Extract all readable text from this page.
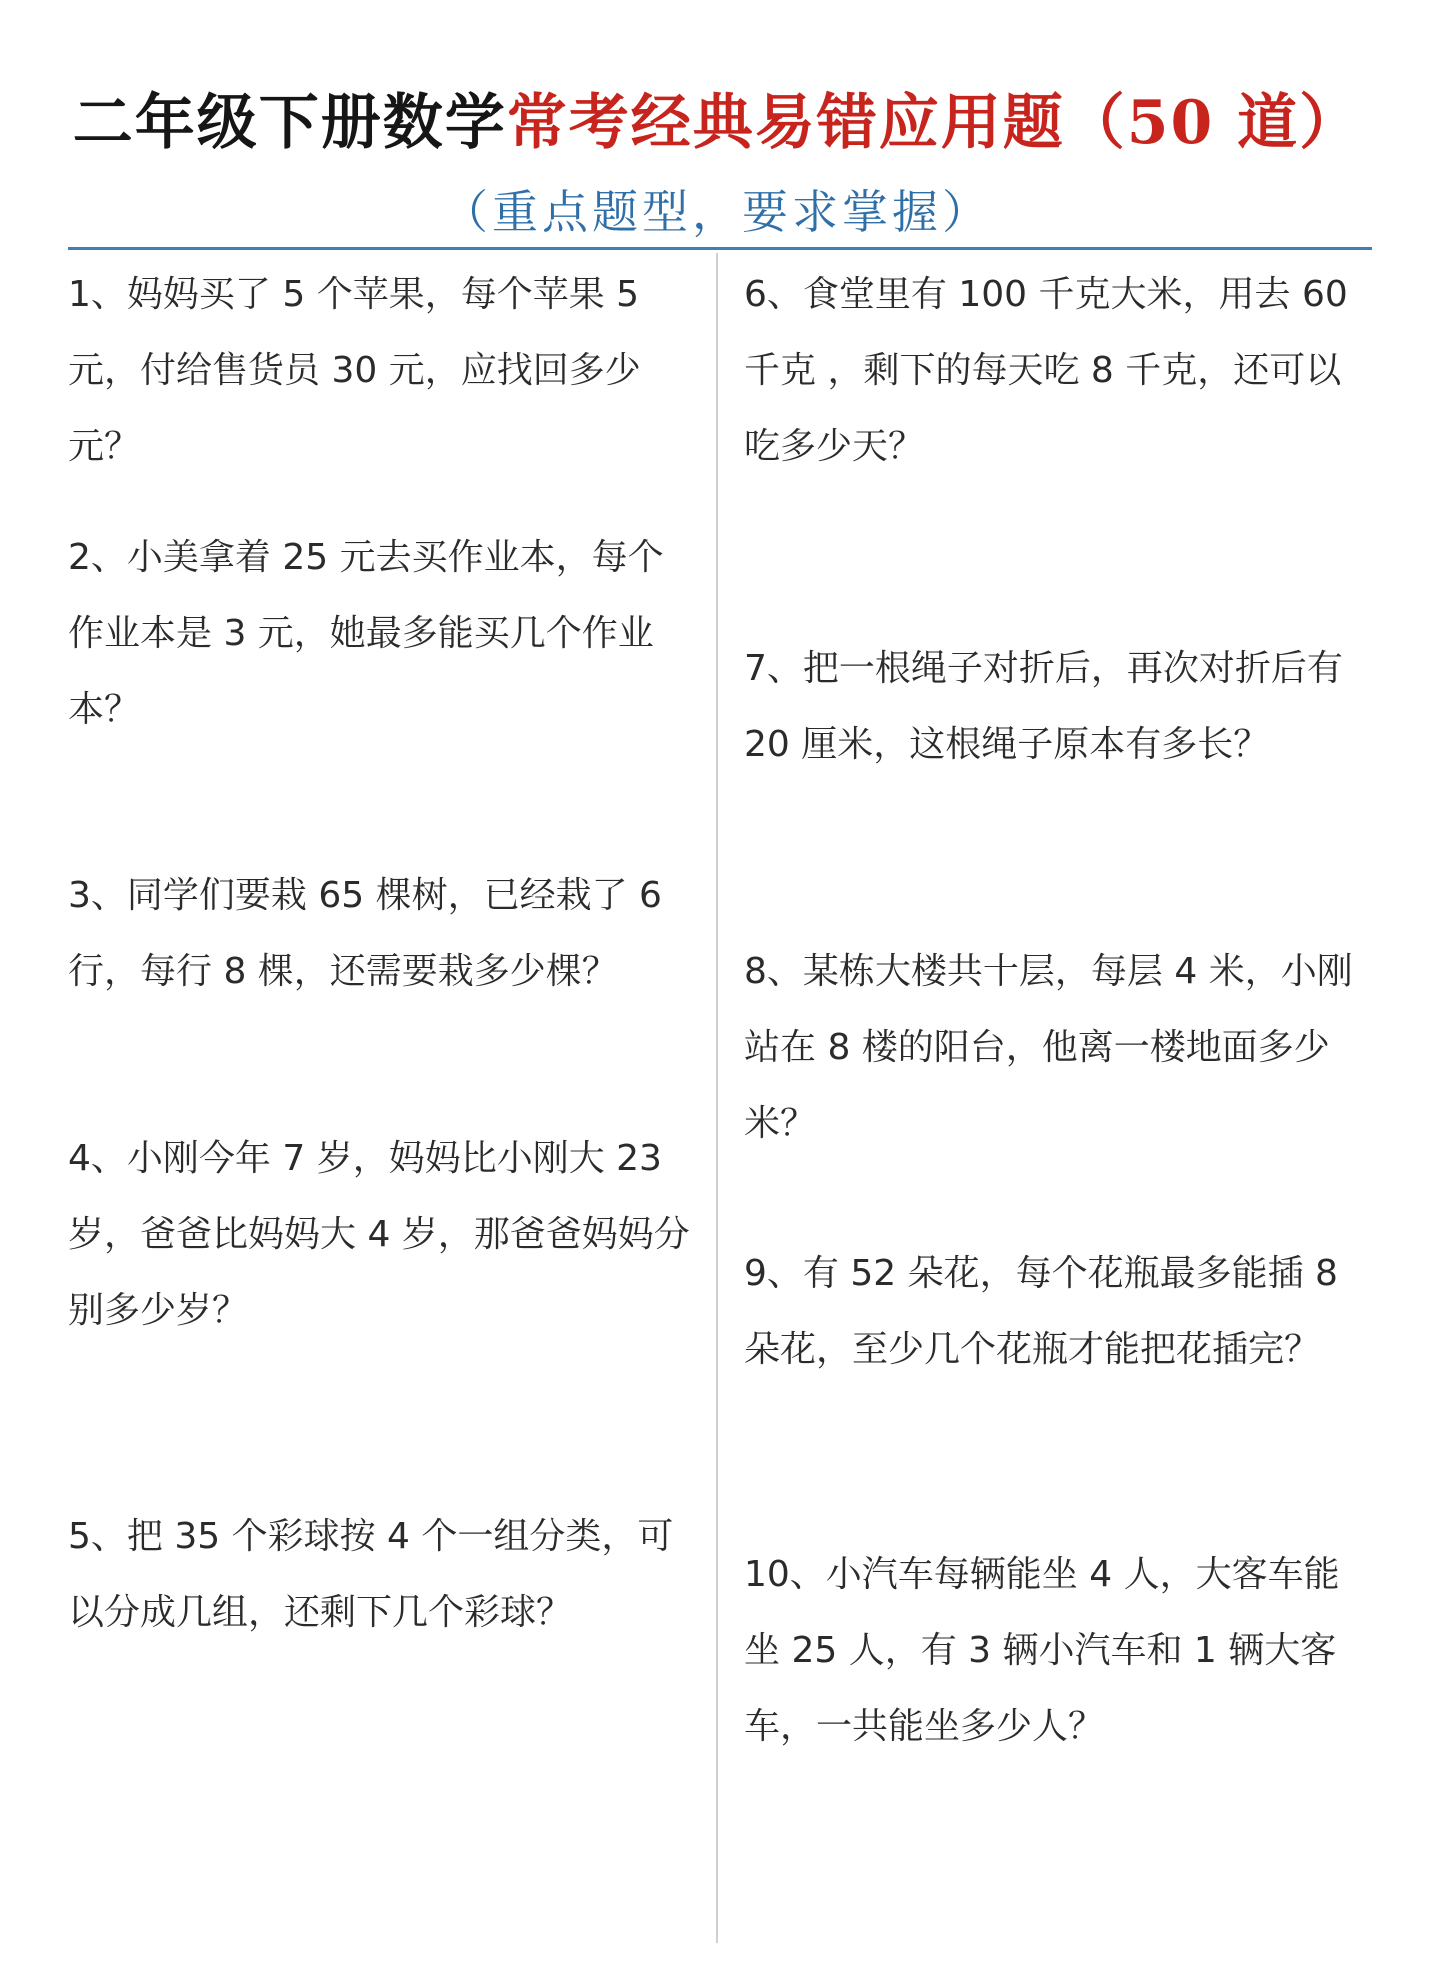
二年级下册数学常考经典易错应用题（50 道）
（重点题型，要求掌握）

1、妈妈买了 5 个苹果，每个苹果 5 元，付给售货员 30 元，应找回多少元？

2、小美拿着 25 元去买作业本，每个作业本是 3 元，她最多能买几个作业本？

3、同学们要栽 65 棵树，已经栽了 6 行，每行 8 棵，还需要栽多少棵？

4、小刚今年 7 岁，妈妈比小刚大 23 岁，爸爸比妈妈大 4 岁，那爸爸妈妈分别多少岁？

5、把 35 个彩球按 4 个一组分类，可以分成几组，还剩下几个彩球？

6、食堂里有 100 千克大米，用去 60 千克 ，剩下的每天吃 8 千克，还可以吃多少天？

7、把一根绳子对折后，再次对折后有 20 厘米，这根绳子原本有多长？

8、某栋大楼共十层，每层 4 米，小刚站在 8 楼的阳台，他离一楼地面多少米？

9、有 52 朵花，每个花瓶最多能插 8 朵花，至少几个花瓶才能把花插完？

10、小汽车每辆能坐 4 人，大客车能坐 25 人，有 3 辆小汽车和 1 辆大客车，一共能坐多少人？
